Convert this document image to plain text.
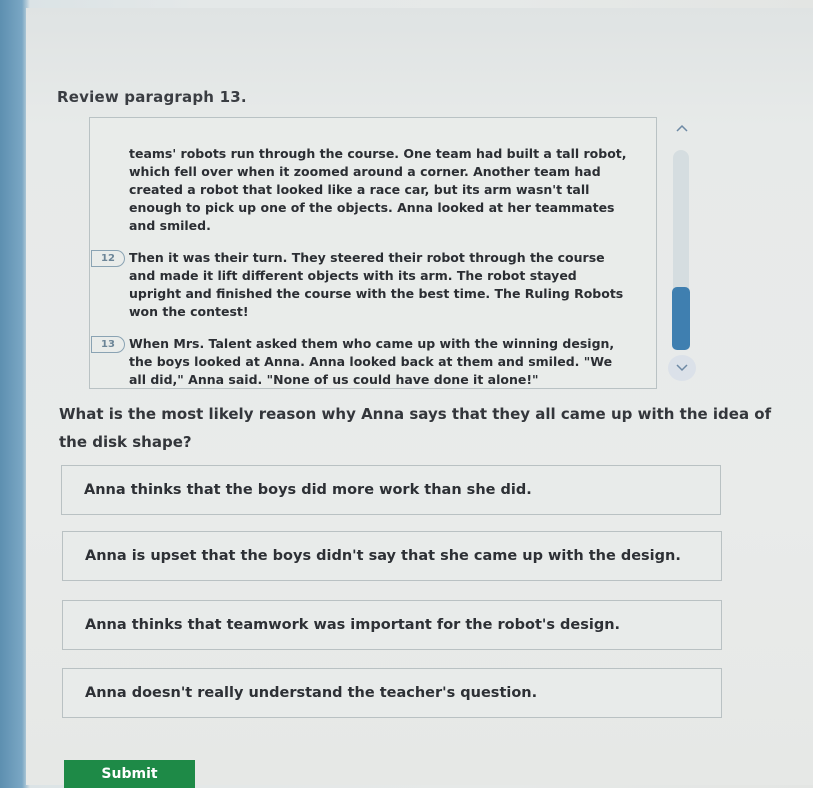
Review paragraph 13.
teams' robots run through the course. One team had built a tall robot, which fell over when it zoomed around a corner. Another team had created a robot that looked like a race car, but its arm wasn't tall enough to pick up one of the objects. Anna looked at her teammates and smiled.
12	Then it was their turn. They steered their robot through the course and made it lift different objects with its arm. The robot stayed upright and finished the course with the best time. The Ruling Robots won the contest!
13	When Mrs. Talent asked them who came up with the winning design, the boys looked at Anna. Anna looked back at them and smiled. "We all did," Anna said. "None of us could have done it alone!"
What is the most likely reason why Anna says that they all came up with the idea of the disk shape?
Anna thinks that the boys did more work than she did.
Anna is upset that the boys didn't say that she came up with the design.
Anna thinks that teamwork was important for the robot's design.
Anna doesn't really understand the teacher's question.
Submit
